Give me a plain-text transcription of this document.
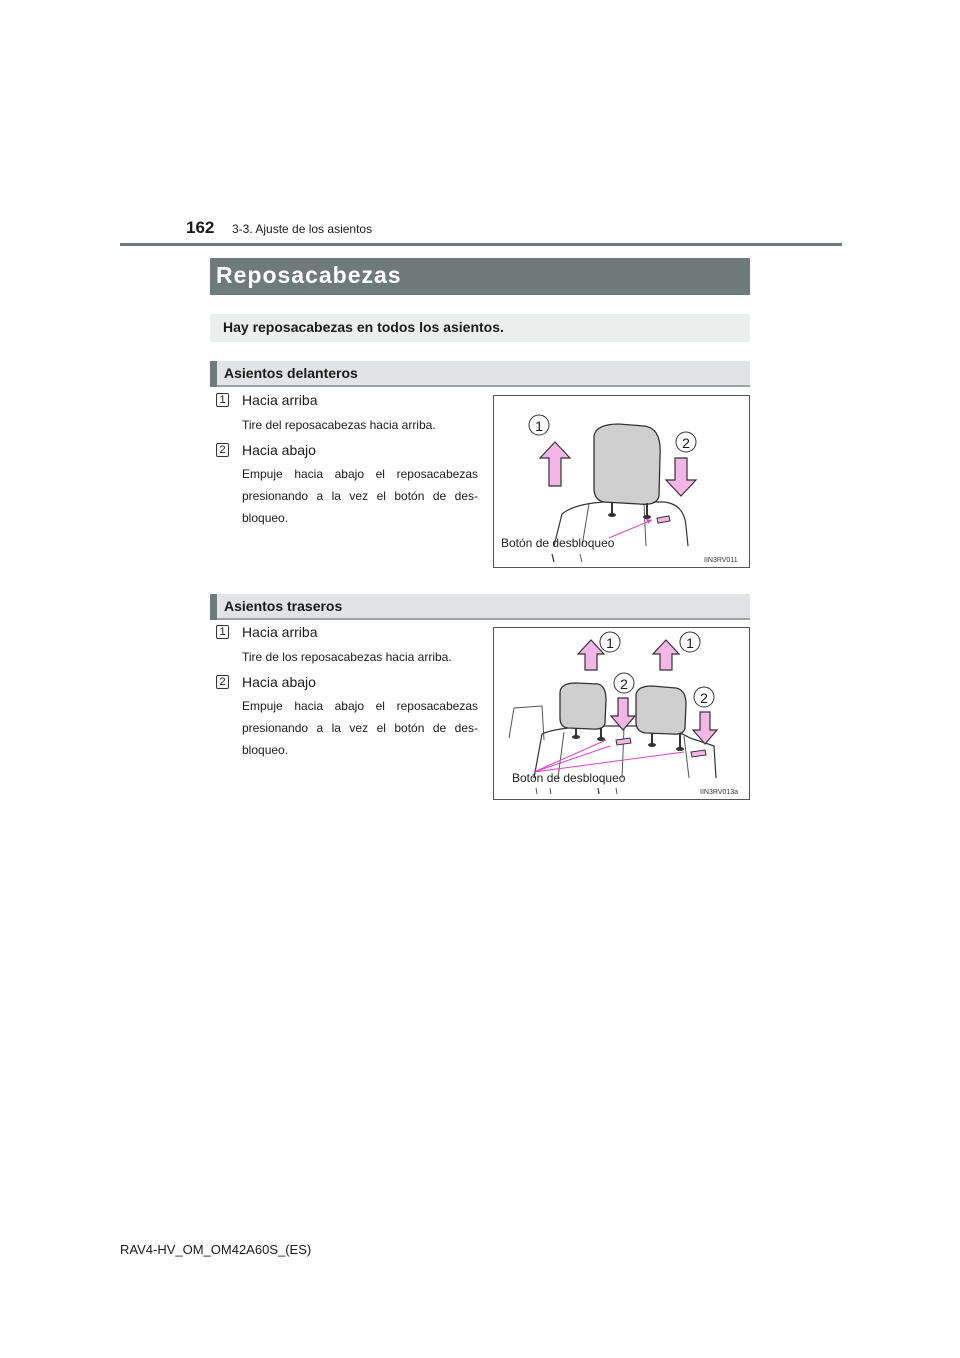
162 3-3. Ajuste de los asientos
Reposacabezas
Hay reposacabezas en todos los asientos.
Asientos delanteros
1 Hacia arriba
Tire del reposacabezas hacia arriba.
2 Hacia abajo
Empuje hacia abajo el reposacabezas presionando a la vez el botón de des-bloqueo.
1
2
Botón de desbloqueo
IIN3RV011
Asientos traseros
1 Hacia arriba
Tire de los reposacabezas hacia arriba.
2 Hacia abajo
Empuje hacia abajo el reposacabezas presionando a la vez el botón de des-bloqueo.
1	1
2
2
Botón de desbloqueo
IIN3RV013a
RAV4-HV_OM_OM42A60S_(ES)
